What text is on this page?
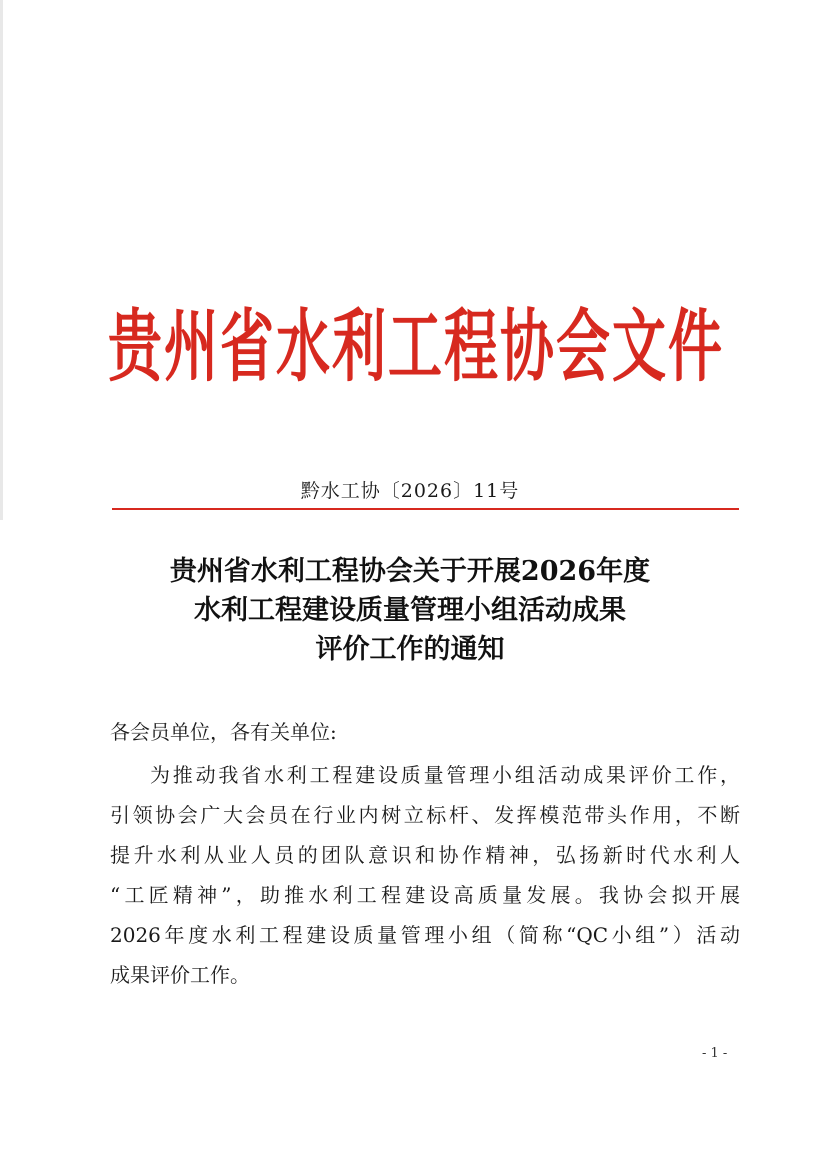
贵州省水利工程协会文件
黔水工协〔2026〕11号
贵州省水利工程协会关于开展2026年度
水利工程建设质量管理小组活动成果
评价工作的通知
各会员单位，各有关单位:
为推动我省水利工程建设质量管理小组活动成果评价工作，
引领协会广大会员在行业内树立标杆、发挥模范带头作用，不断
提升水利从业人员的团队意识和协作精神，弘扬新时代水利人
“工匠精神”，助推水利工程建设高质量发展。我协会拟开展
2026年度水利工程建设质量管理小组（简称“QC小组”）活动
成果评价工作。
- 1 -
